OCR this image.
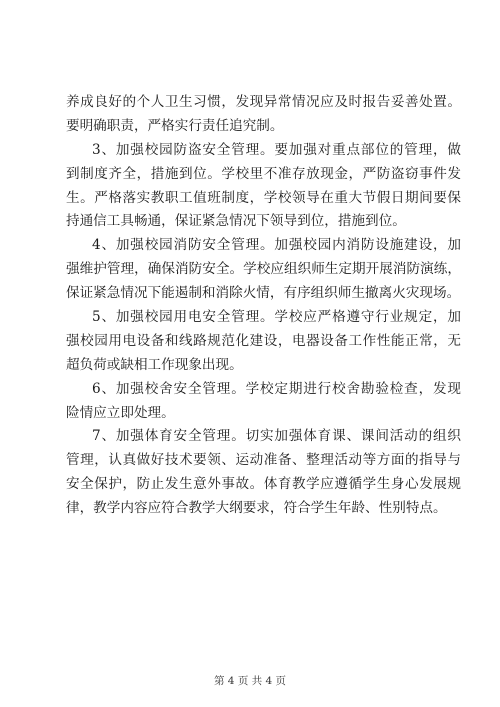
养成良好的个人卫生习惯，发现异常情况应及时报告妥善处置。
要明确职责，严格实行责任追究制。
3、加强校园防盗安全管理。要加强对重点部位的管理，做
到制度齐全，措施到位。学校里不准存放现金，严防盗窃事件发
生。严格落实教职工值班制度，学校领导在重大节假日期间要保
持通信工具畅通，保证紧急情况下领导到位，措施到位。
4、加强校园消防安全管理。加强校园内消防设施建设，加
强维护管理，确保消防安全。学校应组织师生定期开展消防演练，
保证紧急情况下能遏制和消除火情，有序组织师生撤离火灾现场。
5、加强校园用电安全管理。学校应严格遵守行业规定，加
强校园用电设备和线路规范化建设，电器设备工作性能正常，无
超负荷或缺相工作现象出现。
6、加强校舍安全管理。学校定期进行校舍勘验检查，发现
险情应立即处理。
7、加强体育安全管理。切实加强体育课、课间活动的组织
管理，认真做好技术要领、运动准备、整理活动等方面的指导与
安全保护，防止发生意外事故。体育教学应遵循学生身心发展规
律，教学内容应符合教学大纲要求，符合学生年龄、性别特点。
第 4 页 共 4 页
